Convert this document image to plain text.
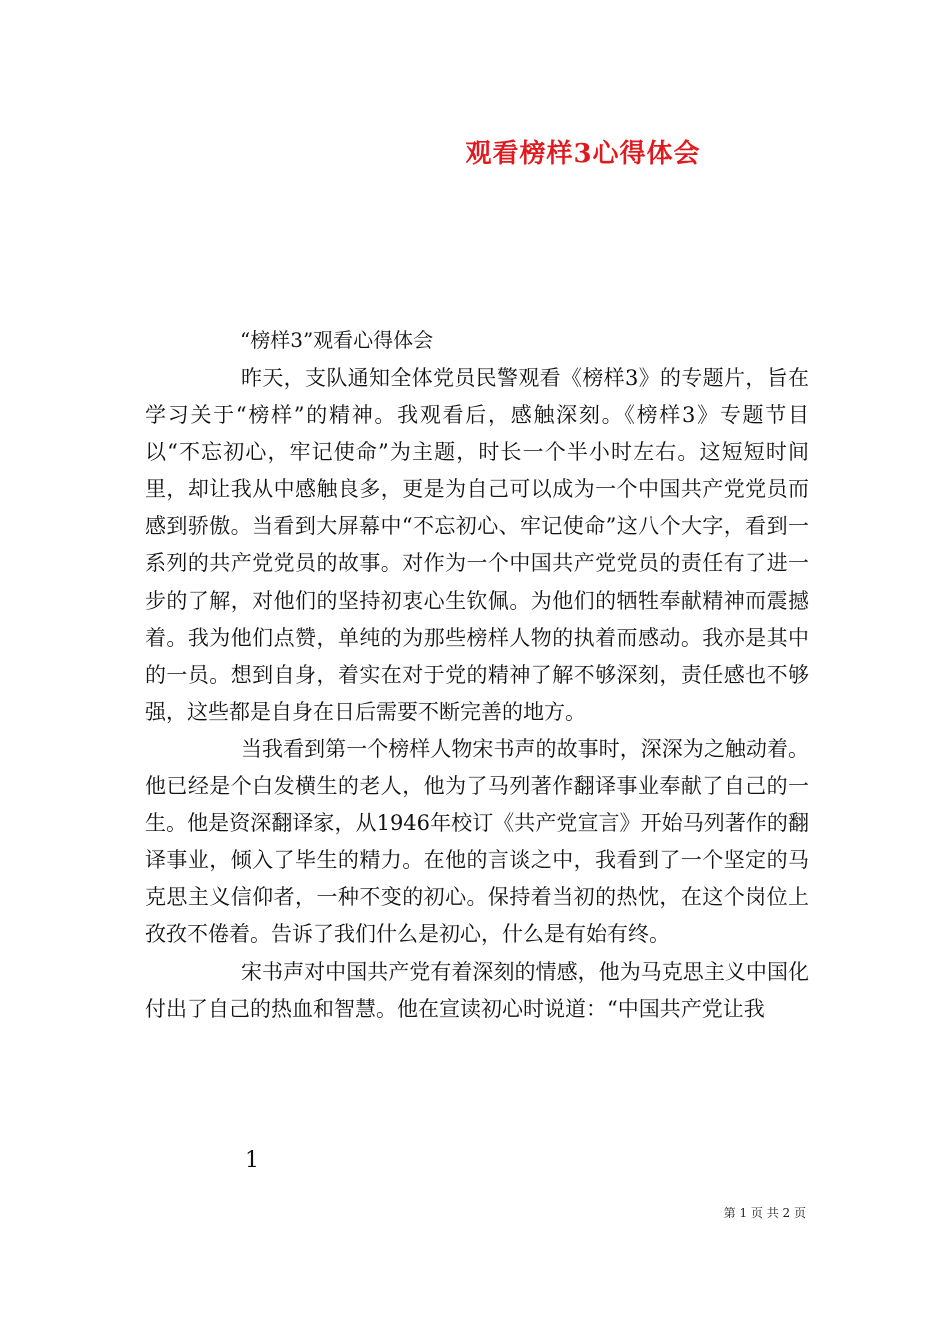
观看榜样3心得体会
“榜样3”观看心得体会

昨天，支队通知全体党员民警观看《榜样3》的专题片，旨在学习关于“榜样”的精神。我观看后，感触深刻。《榜样3》专题节目以“不忘初心，牢记使命”为主题，时长一个半小时左右。这短短时间里，却让我从中感触良多，更是为自己可以成为一个中国共产党党员而感到骄傲。当看到大屏幕中“不忘初心、牢记使命”这八个大字，看到一系列的共产党党员的故事。对作为一个中国共产党党员的责任有了进一步的了解，对他们的坚持初衷心生钦佩。为他们的牺牲奉献精神而震撼着。我为他们点赞，单纯的为那些榜样人物的执着而感动。我亦是其中的一员。想到自身，着实在对于党的精神了解不够深刻，责任感也不够强，这些都是自身在日后需要不断完善的地方。

当我看到第一个榜样人物宋书声的故事时，深深为之触动着。他已经是个白发横生的老人，他为了马列著作翻译事业奉献了自己的一生。他是资深翻译家，从1946年校订《共产党宣言》开始马列著作的翻译事业，倾入了毕生的精力。在他的言谈之中，我看到了一个坚定的马克思主义信仰者，一种不变的初心。保持着当初的热忱，在这个岗位上孜孜不倦着。告诉了我们什么是初心，什么是有始有终。

宋书声对中国共产党有着深刻的情感，他为马克思主义中国化付出了自己的热血和智慧。他在宣读初心时说道：“中国共产党让我

1
第 1 页 共 2 页
